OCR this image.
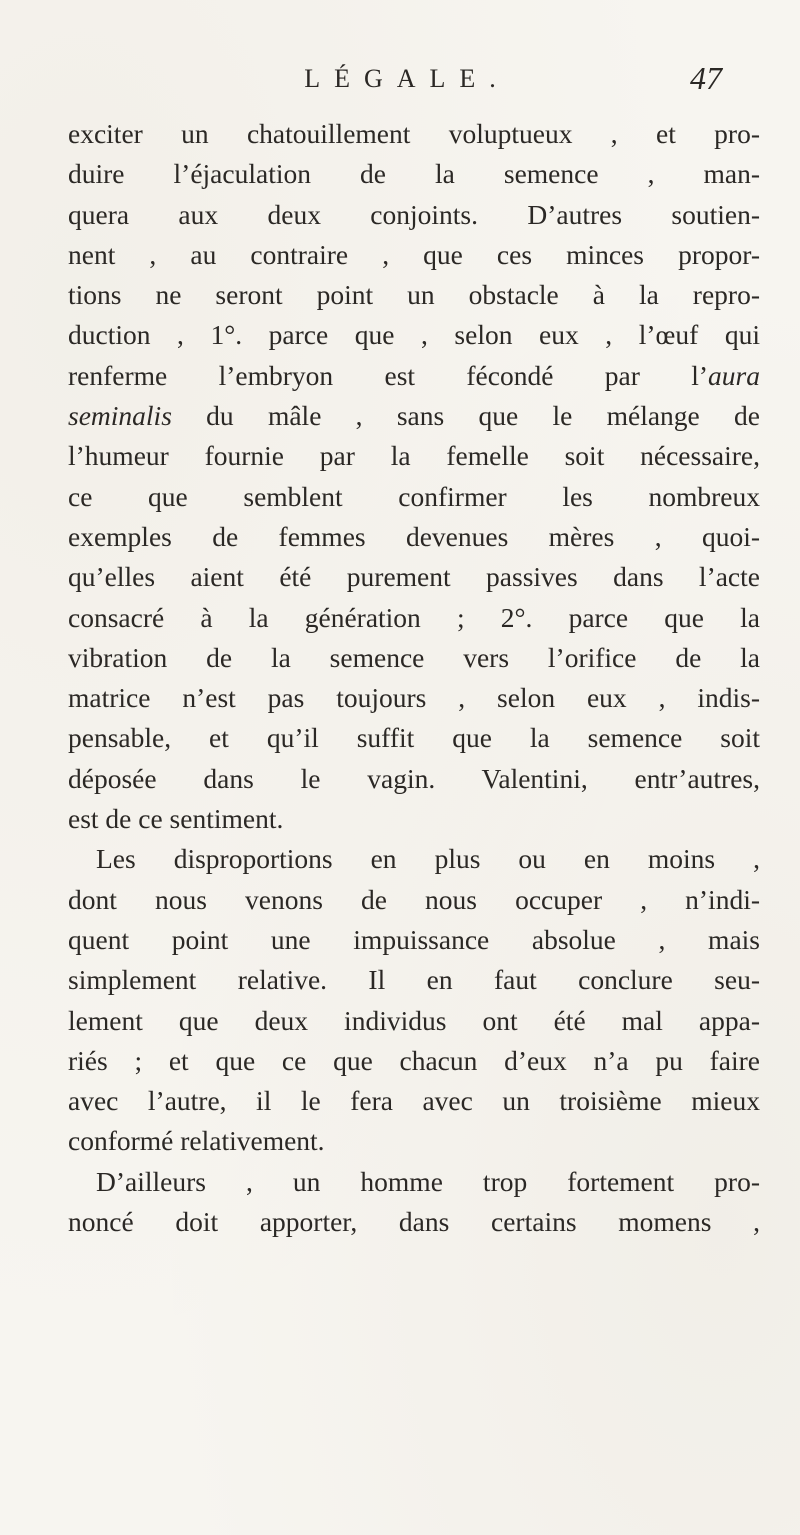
LÉGALE.	47
exciter un chatouillement voluptueux , et pro-
duire l’éjaculation de la semence , man-
quera aux deux conjoints. D’autres soutien-
nent , au contraire , que ces minces propor-
tions ne seront point un obstacle à la repro-
duction , 1°. parce que , selon eux , l’œuf qui
renferme l’embryon est fécondé par l’aura
seminalis du mâle , sans que le mélange de
l’humeur fournie par la femelle soit nécessaire,
ce que semblent confirmer les nombreux
exemples de femmes devenues mères , quoi-
qu’elles aient été purement passives dans l’acte
consacré à la génération ; 2°. parce que la
vibration de la semence vers l’orifice de la
matrice n’est pas toujours , selon eux , indis-
pensable, et qu’il suffit que la semence soit
déposée dans le vagin. Valentini, entr’autres,
est de ce sentiment.
Les disproportions en plus ou en moins ,
dont nous venons de nous occuper , n’indi-
quent point une impuissance absolue , mais
simplement relative. Il en faut conclure seu-
lement que deux individus ont été mal appa-
riés ; et que ce que chacun d’eux n’a pu faire
avec l’autre, il le fera avec un troisième mieux
conformé relativement.
D’ailleurs , un homme trop fortement pro-
noncé doit apporter, dans certains momens ,
